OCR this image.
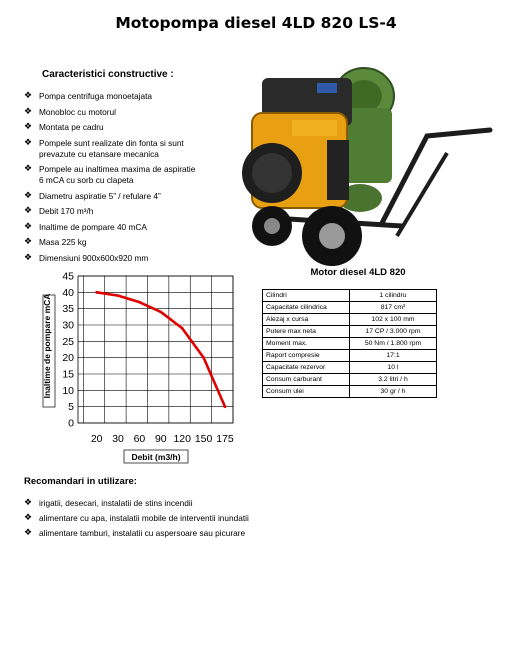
Motopompa diesel 4LD 820 LS-4
Caracteristici constructive :
❖ Pompa centrifuga monoetajata
❖ Monobloc cu motorul
❖ Montata pe cadru
❖ Pompele sunt realizate din fonta si sunt
prevazute cu etansare mecanica
❖ Pompele au inaltimea maxima de aspiratie
6 mCA cu sorb cu clapeta
❖ Diametru aspiratie 5” / refulare 4”
❖ Debit 170 m³/h
❖ Inaltime de pompare 40 mCA
❖ Masa 225 kg
❖ Dimensiuni 900x600x920 mm
0
5
10
15
20
25
30
35
40
45
20 30 60 90 120 150 175
Debit (m3/h)
Inaltime de pompare mCA
Motor diesel 4LD 820
Cilindri	1 cilindru
Capacitate cilindrica	817 cm³
Alezaj x cursa	102 x 100 mm
Putere max neta	17 CP / 3.000 rpm
Moment max.	50 Nm / 1.800 rpm
Raport compresie	17:1
Capacitate rezervor	10 l
Consum carburant	3.2 litri / h
Consum ulei	30 gr / h
Recomandari in utilizare:
❖ irigatii, desecari, instalatii de stins incendii
❖ alimentare cu apa, instalatii mobile de interventii inundatii
❖ alimentare tamburi, instalatii cu aspersoare sau picurare
